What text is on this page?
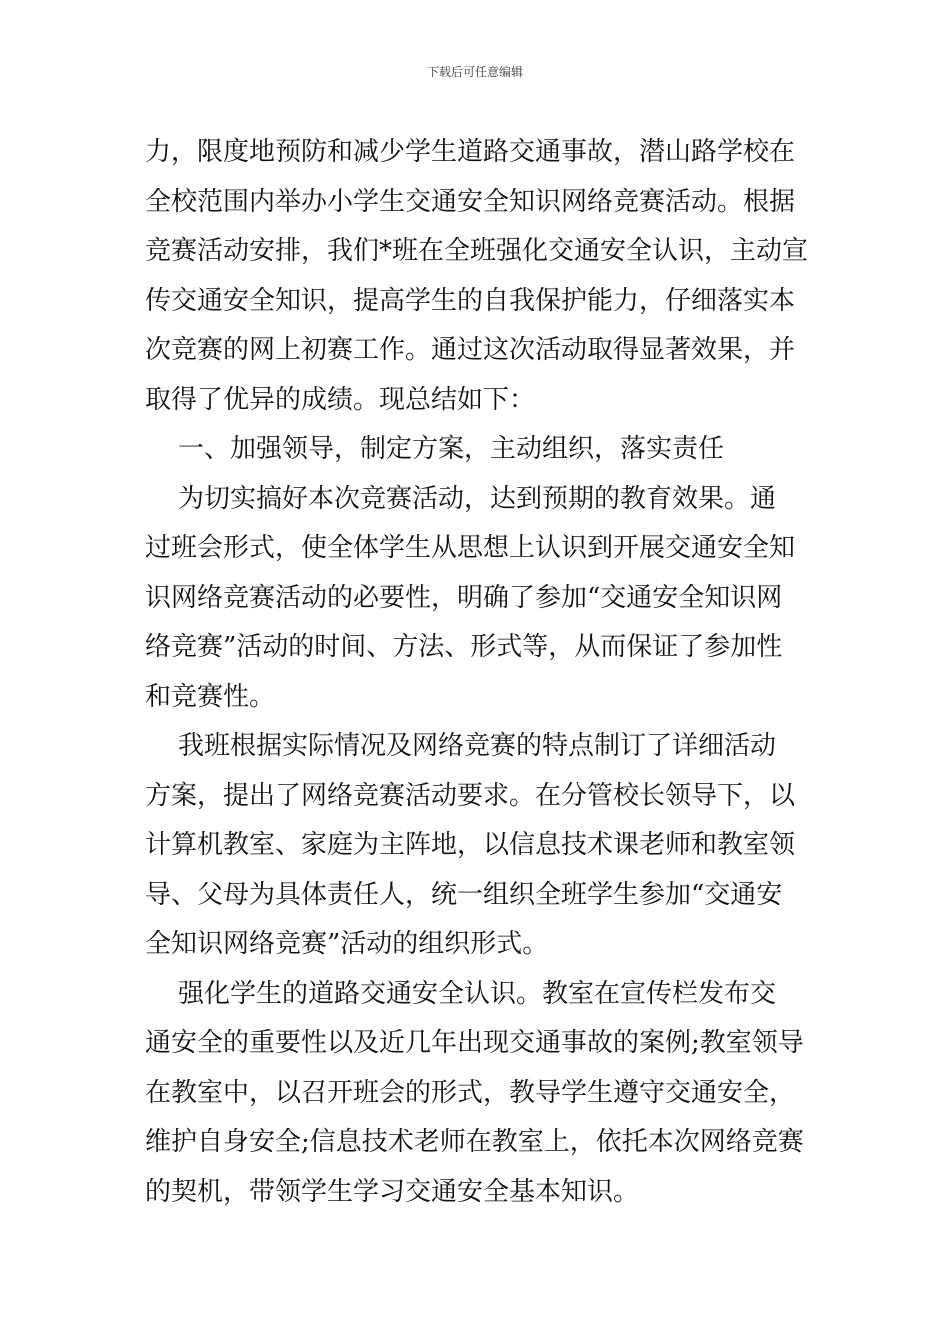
下载后可任意编辑
力，限度地预防和减少学生道路交通事故，潜山路学校在
全校范围内举办小学生交通安全知识网络竞赛活动。根据
竞赛活动安排，我们*班在全班强化交通安全认识，主动宣
传交通安全知识，提高学生的自我保护能力，仔细落实本
次竞赛的网上初赛工作。通过这次活动取得显著效果，并
取得了优异的成绩。现总结如下：
一、加强领导，制定方案，主动组织，落实责任
为切实搞好本次竞赛活动，达到预期的教育效果。通
过班会形式，使全体学生从思想上认识到开展交通安全知
识网络竞赛活动的必要性，明确了参加“交通安全知识网
络竞赛”活动的时间、方法、形式等，从而保证了参加性
和竞赛性。
我班根据实际情况及网络竞赛的特点制订了详细活动
方案，提出了网络竞赛活动要求。在分管校长领导下，以
计算机教室、家庭为主阵地，以信息技术课老师和教室领
导、父母为具体责任人，统一组织全班学生参加“交通安
全知识网络竞赛”活动的组织形式。
强化学生的道路交通安全认识。教室在宣传栏发布交
通安全的重要性以及近几年出现交通事故的案例;教室领导
在教室中，以召开班会的形式，教导学生遵守交通安全，
维护自身安全;信息技术老师在教室上，依托本次网络竞赛
的契机，带领学生学习交通安全基本知识。
